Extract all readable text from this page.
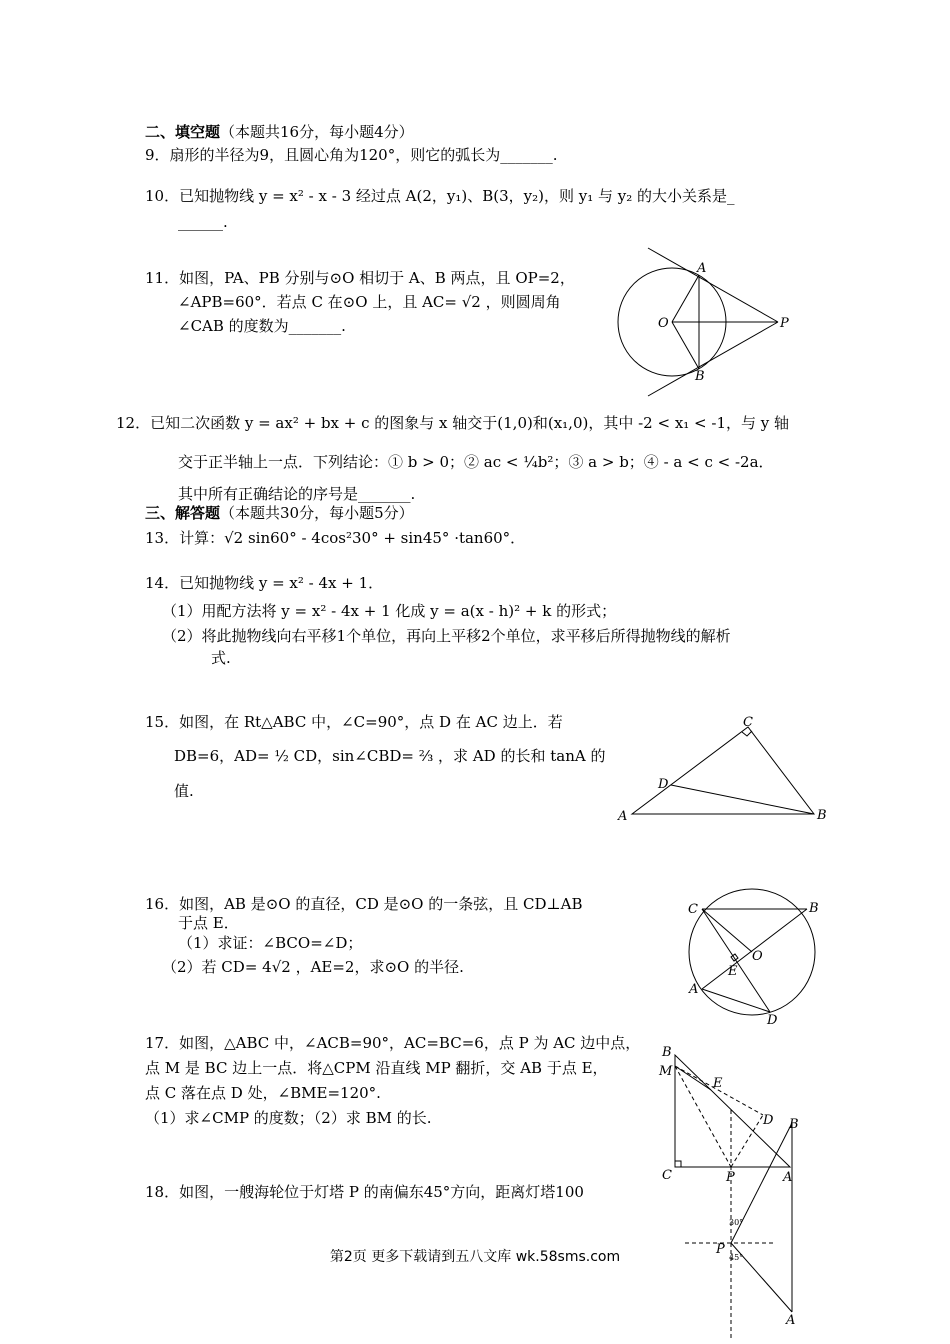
二、填空题（本题共16分，每小题4分）
9．扇形的半径为9，且圆心角为120°，则它的弧长为_______.
10．已知抛物线 y = x² - x - 3 经过点 A(2，y₁)、B(3，y₂)，则 y₁ 与 y₂ 的大小关系是_
______.
11．如图，PA、PB 分别与⊙O 相切于 A、B 两点，且 OP=2，
∠APB=60°．若点 C 在⊙O 上，且 AC= √2 ，则圆周角
∠CAB 的度数为_______.
12．已知二次函数 y = ax² + bx + c 的图象与 x 轴交于(1,0)和(x₁,0)，其中 -2 < x₁ < -1，与 y 轴
交于正半轴上一点．下列结论：① b > 0；② ac < ¼b²；③ a > b；④ - a < c < -2a．
其中所有正确结论的序号是_______.
三、解答题（本题共30分，每小题5分）
13．计算：√2 sin60° - 4cos²30° + sin45° ·tan60°．
14．已知抛物线 y = x² - 4x + 1．
（1）用配方法将 y = x² - 4x + 1 化成 y = a(x - h)² + k 的形式；
（2）将此抛物线向右平移1个单位，再向上平移2个单位，求平移后所得抛物线的解析
式.
15．如图，在 Rt△ABC 中，∠C=90°，点 D 在 AC 边上．若
DB=6，AD= ½ CD，sin∠CBD= ⅔ ，求 AD 的长和 tanA 的
值.
16．如图，AB 是⊙O 的直径，CD 是⊙O 的一条弦，且 CD⊥AB
于点 E．
（1）求证：∠BCO=∠D；
（2）若 CD= 4√2 ，AE=2，求⊙O 的半径.
17．如图，△ABC 中，∠ACB=90°，AC=BC=6，点 P 为 AC 边中点，
点 M 是 BC 边上一点．将△CPM 沿直线 MP 翻折，交 AB 于点 E，
点 C 落在点 D 处，∠BME=120°.
（1）求∠CMP 的度数；（2）求 BM 的长.
18．如图，一艘海轮位于灯塔 P 的南偏东45°方向，距离灯塔100
第2页 更多下载请到五八文库 wk.58sms.com
A
B
O	P
A	B
C
D
A
B
C
D
E
O
A
B
C
D
E
M
P
A
B
P
30°
45°
